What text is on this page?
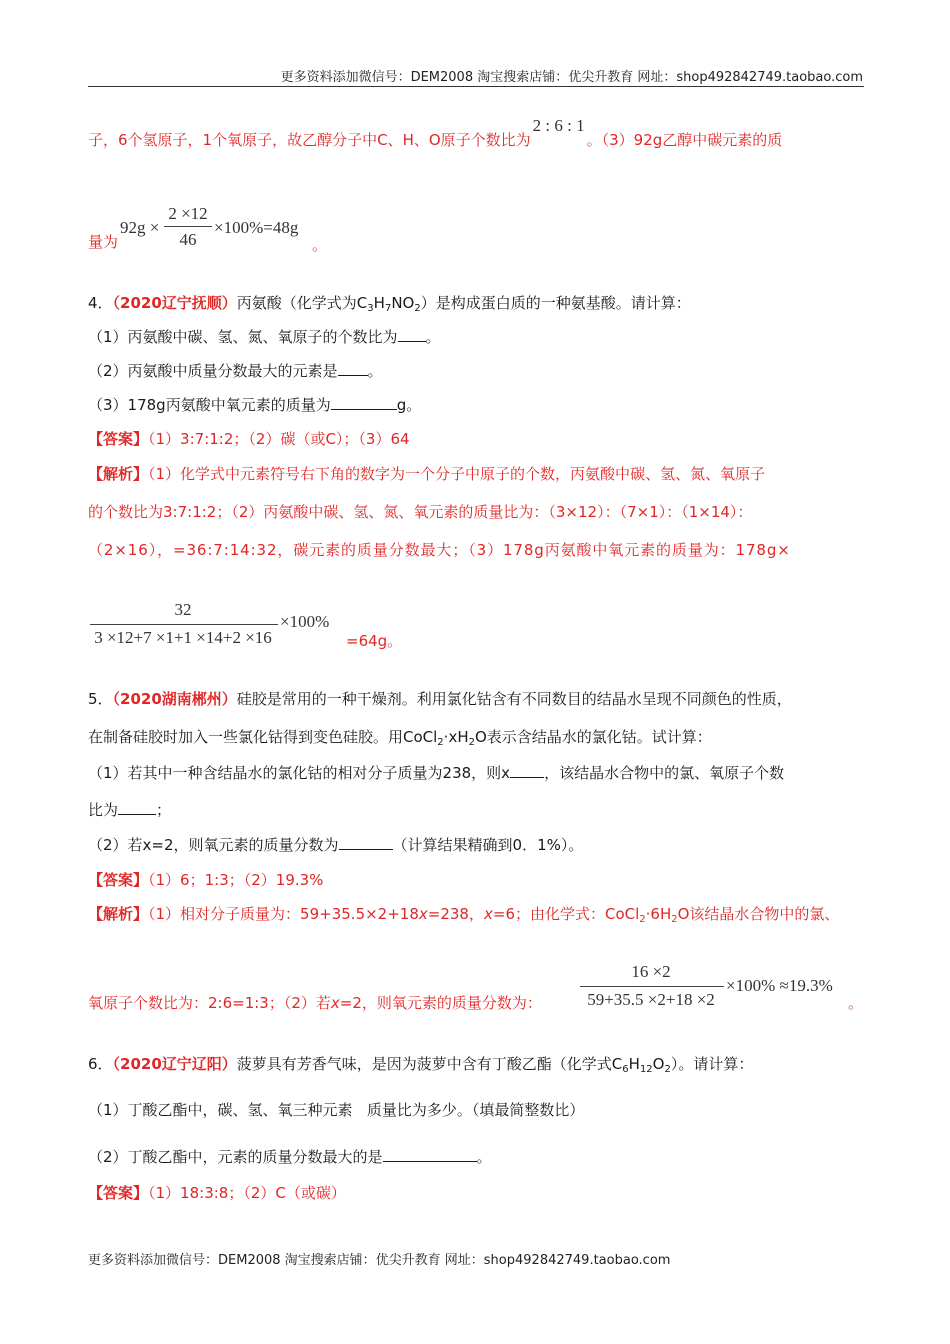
更多资料添加微信号：DEM2008 淘宝搜索店铺：优尖升教育 网址：shop492842749.taobao.com
子，6个氢原子，1个氧原子，故乙醇分子中C、H、O原子个数比为2 : 6 : 1。（3）92g乙醇中碳元素的质
量为
92g ×
2 ×12
46
×100%=48g
。
4．（2020辽宁抚顺）丙氨酸（化学式为$C_3H_7NO_2$）是构成蛋白质的一种氨基酸。请计算：
（1）丙氨酸中碳、氢、氮、氧原子的个数比为 。
（2）丙氨酸中质量分数最大的元素是 。
（3）178g丙氨酸中氧元素的质量为	g。
【答案】（1）3:7:1:2；（2）碳（或C）；（3）64
【解析】（1）化学式中元素符号右下角的数字为一个分子中原子的个数，丙氨酸中碳、氢、氮、氧原子
的个数比为3:7:1:2；（2）丙氨酸中碳、氢、氮、氧元素的质量比为：（3×12）：（7×1）：（1×14）：
（2×16），=36:7:14:32，碳元素的质量分数最大；（3）178g丙氨酸中氧元素的质量为：178g×
32
3 ×12+7 ×1+1 ×14+2 ×16
×100%
=64g。
5．（2020湖南郴州）硅胶是常用的一种干燥剂。利用氯化钴含有不同数目的结晶水呈现不同颜色的性质，
在制备硅胶时加入一些氯化钴得到变色硅胶。用$CoCl_2\cdot xH_2O$表示含结晶水的氯化钴。试计算：
（1）若其中一种含结晶水的氯化钴的相对分子质量为238，则x ，该结晶水合物中的氯、氧原子个数
比为	；
（2）若x=2，则氧元素的质量分数为	（计算结果精确到0．1%）。
【答案】（1）6；1:3；（2）19.3%
【解析】（1）相对分子质量为：59+35.5×2+18x=238，x=6；由化学式：$CoCl_2\cdot 6H_2O$该结晶水合物中的氯、
氧原子个数比为：2:6=1:3；（2）若x=2，则氧元素的质量分数为：
16 ×2
59+35.5 ×2+18 ×2
×100% ≈19.3%
。
6．（2020辽宁辽阳）菠萝具有芳香气味，是因为菠萝中含有丁酸乙酯（化学式$C_6H_{12}O_2$）。请计算：
（1）丁酸乙酯中，碳、氢、氧三种元素   质量比为多少。（填最简整数比）
（2）丁酸乙酯中，元素的质量分数最大的是	。
【答案】（1）18:3:8；（2）C（或碳）
更多资料添加微信号：DEM2008 淘宝搜索店铺：优尖升教育 网址：shop492842749.taobao.com
